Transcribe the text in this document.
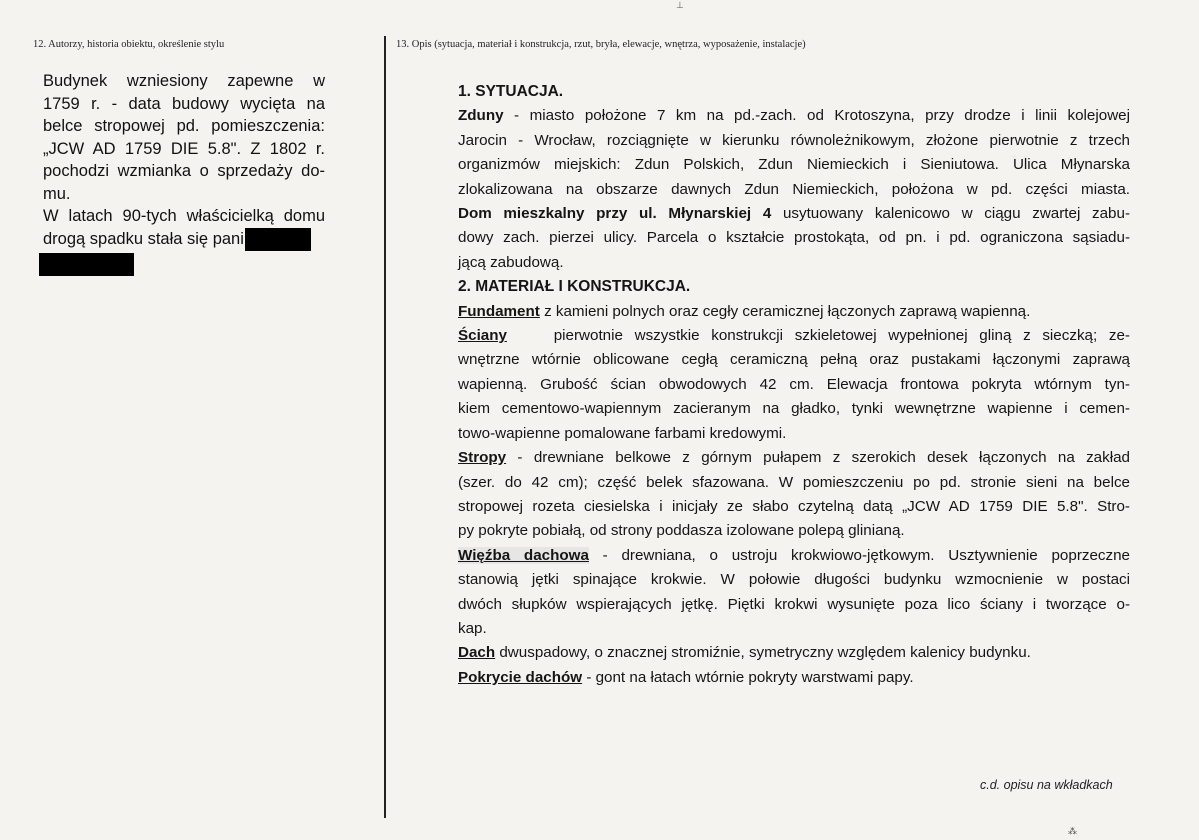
⊥
12. Autorzy, historia obiektu, określenie stylu	13. Opis (sytuacja, materiał i konstrukcja, rzut, bryła, elewacje, wnętrza, wyposażenie, instalacje)
Budynek wzniesiony zapewne w
1759 r. - data budowy wycięta na
belce stropowej pd. pomieszczenia:
„JCW AD 1759 DIE 5.8". Z 1802 r.
pochodzi wzmianka o sprzedaży do-
mu.
W latach 90-tych właścicielką domu
drogą spadku stała się pani
1. SYTUACJA.
Zduny - miasto położone 7 km na pd.-zach. od Krotoszyna, przy drodze i linii kolejowej
Jarocin - Wrocław, rozciągnięte w kierunku równoleżnikowym, złożone pierwotnie z trzech
organizmów miejskich: Zdun Polskich, Zdun Niemieckich i Sieniutowa. Ulica Młynarska
zlokalizowana na obszarze dawnych Zdun Niemieckich, położona w pd. części miasta.
Dom mieszkalny przy ul. Młynarskiej 4 usytuowany kalenicowo w ciągu zwartej zabu-
dowy zach. pierzei ulicy. Parcela o kształcie prostokąta, od pn. i pd. ograniczona sąsiadu-
jącą zabudową.
2. MATERIAŁ I KONSTRUKCJA.
Fundament z kamieni polnych oraz cegły ceramicznej łączonych zaprawą wapienną.
Ściany	pierwotnie wszystkie konstrukcji szkieletowej wypełnionej gliną z sieczką; ze-
wnętrzne wtórnie oblicowane cegłą ceramiczną pełną oraz pustakami łączonymi zaprawą
wapienną. Grubość ścian obwodowych 42 cm. Elewacja frontowa pokryta wtórnym tyn-
kiem cementowo-wapiennym zacieranym na gładko, tynki wewnętrzne wapienne i cemen-
towo-wapienne pomalowane farbami kredowymi.
Stropy - drewniane belkowe z górnym pułapem z szerokich desek łączonych na zakład
(szer. do 42 cm); część belek sfazowana. W pomieszczeniu po pd. stronie sieni na belce
stropowej rozeta ciesielska i inicjały ze słabo czytelną datą „JCW AD 1759 DIE 5.8". Stro-
py pokryte pobiałą, od strony poddasza izolowane polepą glinianą.
Więźba dachowa - drewniana, o ustroju krokwiowo-jętkowym. Usztywnienie poprzeczne
stanowią jętki spinające krokwie. W połowie długości budynku wzmocnienie w postaci
dwóch słupków wspierających jętkę. Piętki krokwi wysunięte poza lico ściany i tworzące o-
kap.
Dach dwuspadowy, o znacznej stromiźnie, symetryczny względem kalenicy budynku.
Pokrycie dachów - gont na łatach wtórnie pokryty warstwami papy.
c.d. opisu na wkładkach
⁂
